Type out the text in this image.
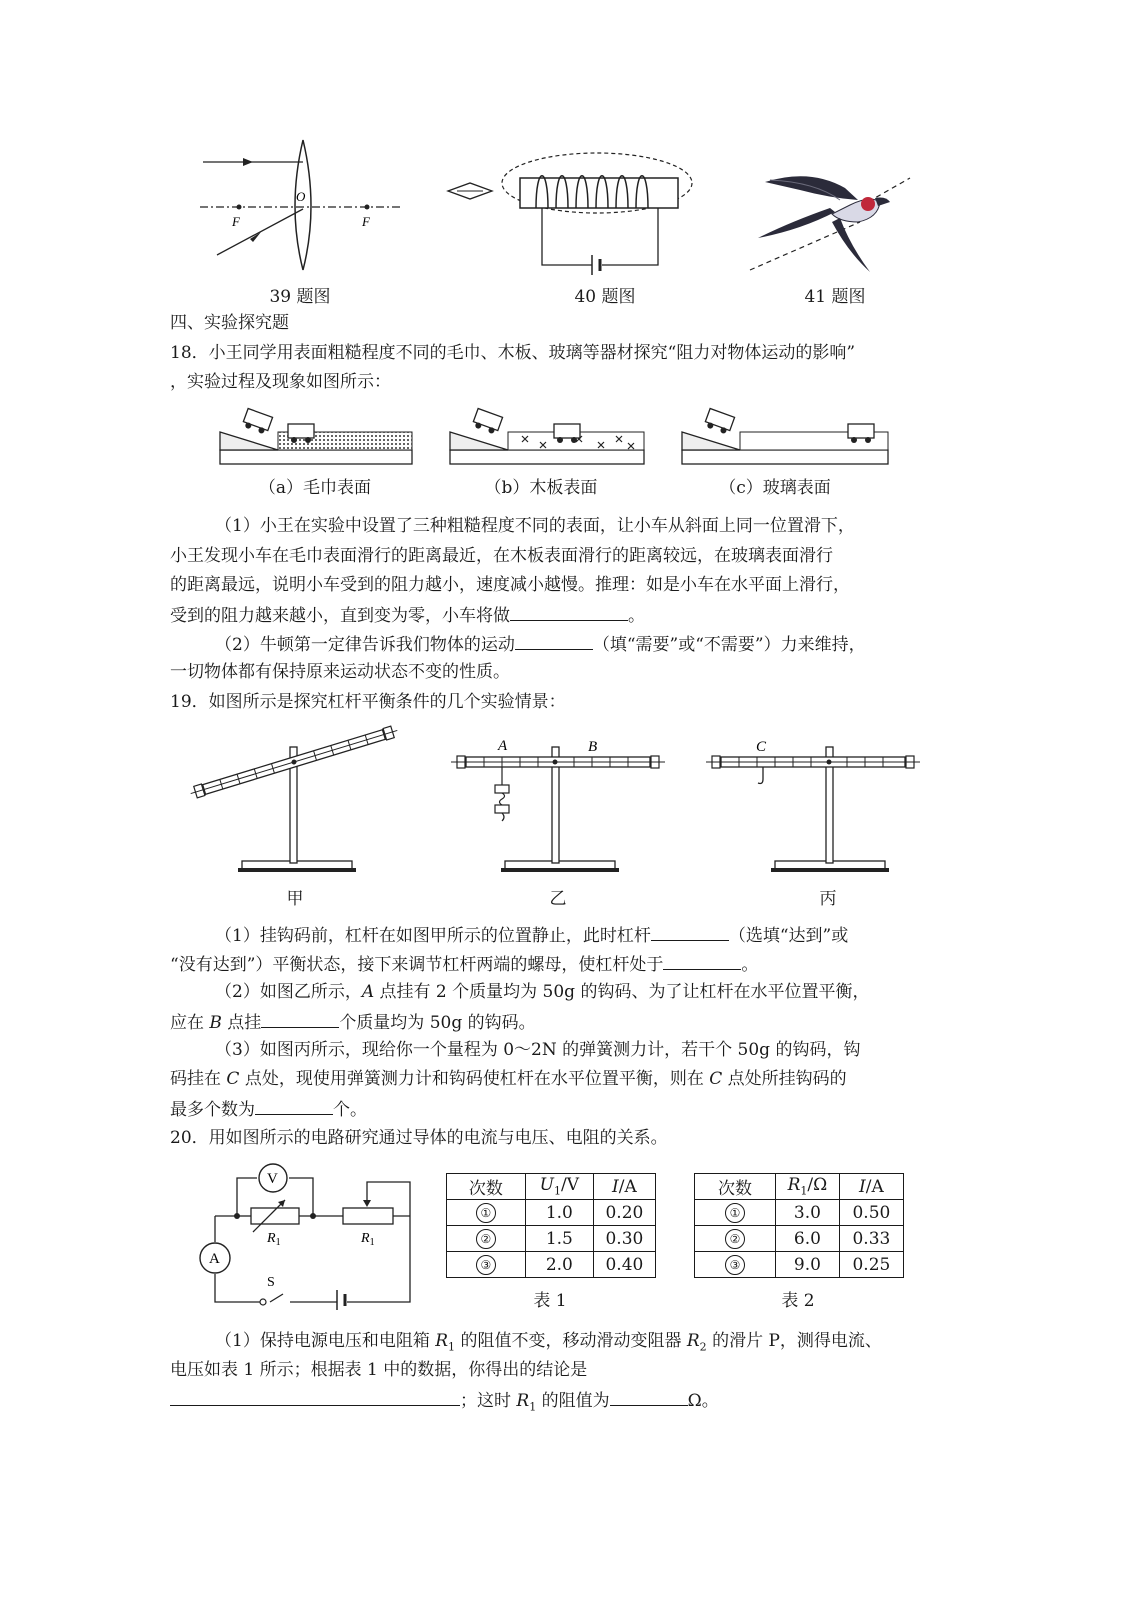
O
F	F
39 题图	40 题图	41 题图
四、实验探究题
18．小王同学用表面粗糙程度不同的毛巾、木板、玻璃等器材探究“阻力对物体运动的影响”
，实验过程及现象如图所示：
（a）毛巾表面	（b）木板表面	（c）玻璃表面
（1）小王在实验中设置了三种粗糙程度不同的表面，让小车从斜面上同一位置滑下，
小王发现小车在毛巾表面滑行的距离最近，在木板表面滑行的距离较远，在玻璃表面滑行
的距离最远，说明小车受到的阻力越小，速度减小越慢。推理：如是小车在水平面上滑行，
受到的阻力越来越小，直到变为零，小车将做	。
（2）牛顿第一定律告诉我们物体的运动	（填“需要”或“不需要”）力来维持，
一切物体都有保持原来运动状态不变的性质。
19．如图所示是探究杠杆平衡条件的几个实验情景：
甲
A	B
乙
C
丙
（1）挂钩码前，杠杆在如图甲所示的位置静止，此时杠杆	（选填“达到”或
“没有达到”）平衡状态，接下来调节杠杆两端的螺母，使杠杆处于	。
（2）如图乙所示，A 点挂有 2 个质量均为 50g 的钩码、为了让杠杆在水平位置平衡，
应在 B 点挂	个质量均为 50g 的钩码。
（3）如图丙所示，现给你一个量程为 0～2N 的弹簧测力计，若干个 50g 的钩码，钩
码挂在 C 点处，现使用弹簧测力计和钩码使杠杆在水平位置平衡，则在 C 点处所挂钩码的
最多个数为	个。
20．用如图所示的电路研究通过导体的电流与电压、电阻的关系。
V
A
S
$R_1$	$R_1$
次数	$U_1/V$	I/A
①	1.0	0.20
②	1.5	0.30
③	2.0	0.40
表 1
次数	$R_1/\Omega$	I/A
①	3.0	0.50
②	6.0	0.33
③	9.0	0.25
表 2
（1）保持电源电压和电阻箱 $R_1$ 的阻值不变，移动滑动变阻器 $R_2$ 的滑片 P，测得电流、
电压如表 1 所示；根据表 1 中的数据，你得出的结论是
；这时 $R_1$ 的阻值为	Ω。
